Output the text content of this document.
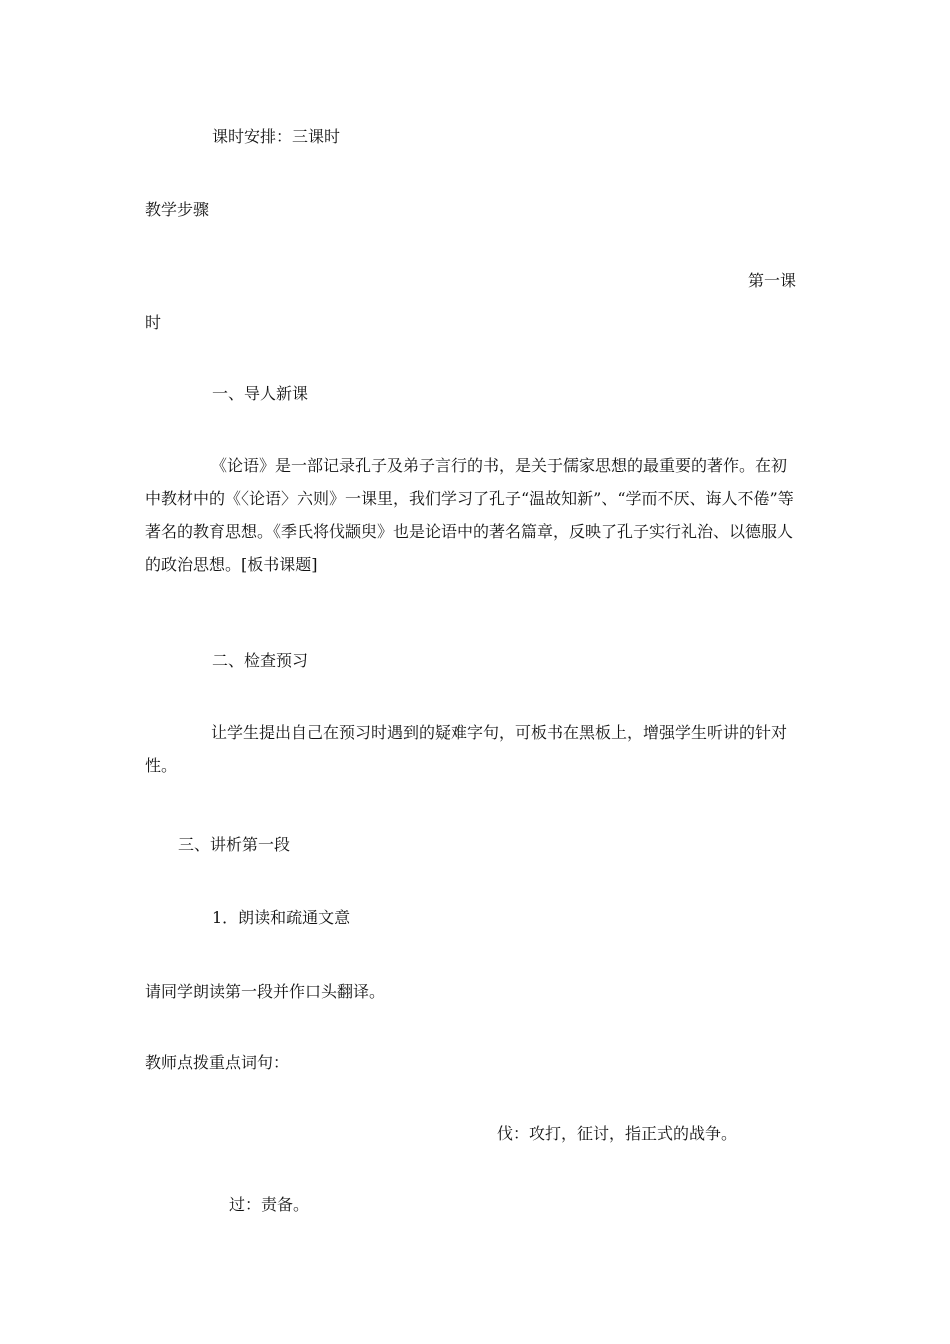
课时安排：三课时

教学步骤

第一课

时

一、导人新课

《论语》是一部记录孔子及弟子言行的书，是关于儒家思想的最重要的著作。在初中教材中的《〈论语〉六则》一课里，我们学习了孔子“温故知新”、“学而不厌、诲人不倦”等著名的教育思想。《季氏将伐颛臾》也是论语中的著名篇章，反映了孔子实行礼治、以德服人的政治思想。[板书课题]

二、检查预习

让学生提出自己在预习时遇到的疑难字句，可板书在黑板上，增强学生听讲的针对性。

三、讲析第一段

1．朗读和疏通文意

请同学朗读第一段并作口头翻译。

教师点拨重点词句：

伐：攻打，征讨，指正式的战争。

过：责备。
